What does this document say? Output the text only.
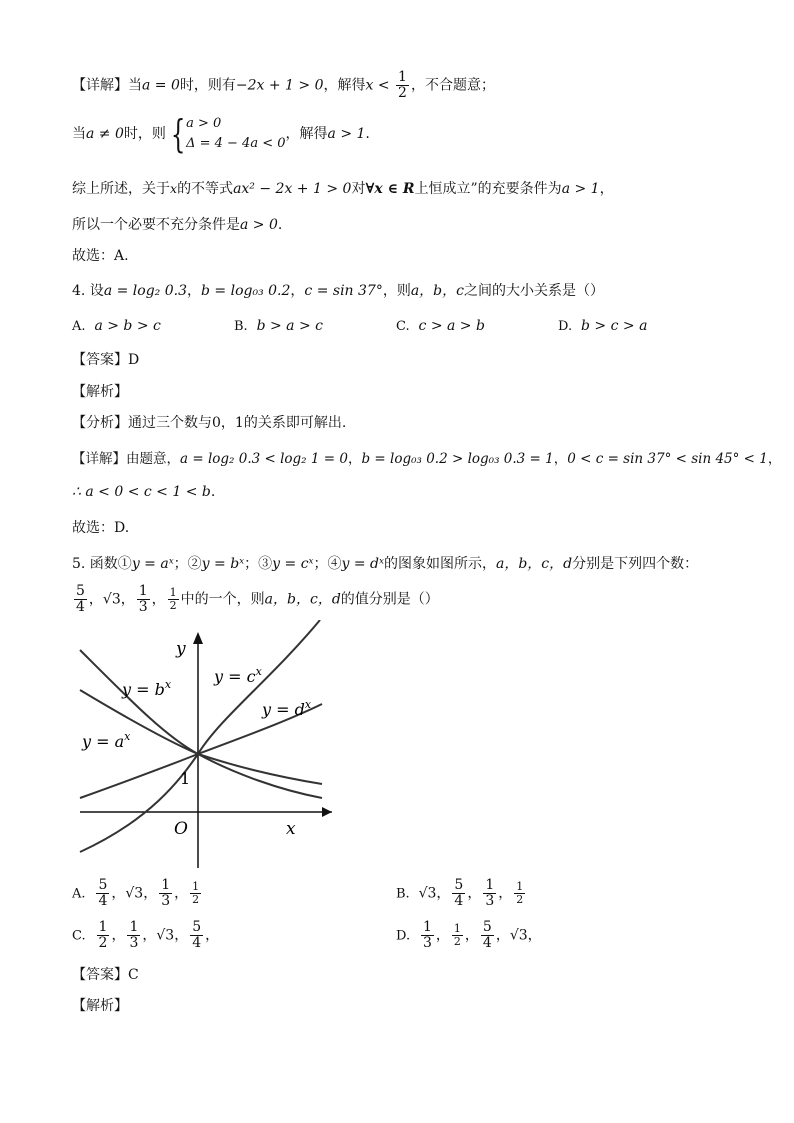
【详解】当a = 0时，则有−2x + 1 > 0，解得$x < \frac{1}{2}$ ，不合题意；
当a ≠ 0时，则 { a > 0
Δ = 4 − 4a < 0
，解得a > 1.
综上所述，关于x的不等式ax² − 2x + 1 > 0对∀x ∈ R上恒成立”的充要条件为a > 1，
所以一个必要不充分条件是a > 0.
故选：A.
4. 设a = log₂ 0.3，b = log₀₃ 0.2，c = sin 37°，则a，b，c之间的大小关系是（）
A. a > b > c	B. b > a > c	C. c > a > b	D. b > c > a
【答案】D
【解析】
【分析】通过三个数与0，1的关系即可解出.
【详解】由题意，a = log₂ 0.3 < log₂ 1 = 0，b = log₀₃ 0.2 > log₀₃ 0.3 = 1，0 < c = sin 37° < sin 45° < 1，
∴ a < 0 < c < 1 < b.
故选：D.
5. 函数①y = aˣ；②y = bˣ；③y = cˣ；④y = dˣ的图象如图所示，a，b，c，d分别是下列四个数：
$\frac{5}{4}$ ，√3， $\frac{1}{3}$ ， $\frac{1}{2}$ 中的一个，则a，b，c，d的值分别是（）
y
x
O
1
$y = b^x$	$y = c^x$
$y = d^x$
$y = a^x$
A. $\frac{5}{4}$ ，√3， $\frac{1}{3}$ ， $\frac{1}{2}$	B. √3， $\frac{5}{4}$ ， $\frac{1}{3}$ ， $\frac{1}{2}$
C. $\frac{1}{2}$ ， $\frac{1}{3}$ ，√3， $\frac{5}{4}$ ，	D. $\frac{1}{3}$ ， $\frac{1}{2}$ ， $\frac{5}{4}$ ，√3，
【答案】C
【解析】
